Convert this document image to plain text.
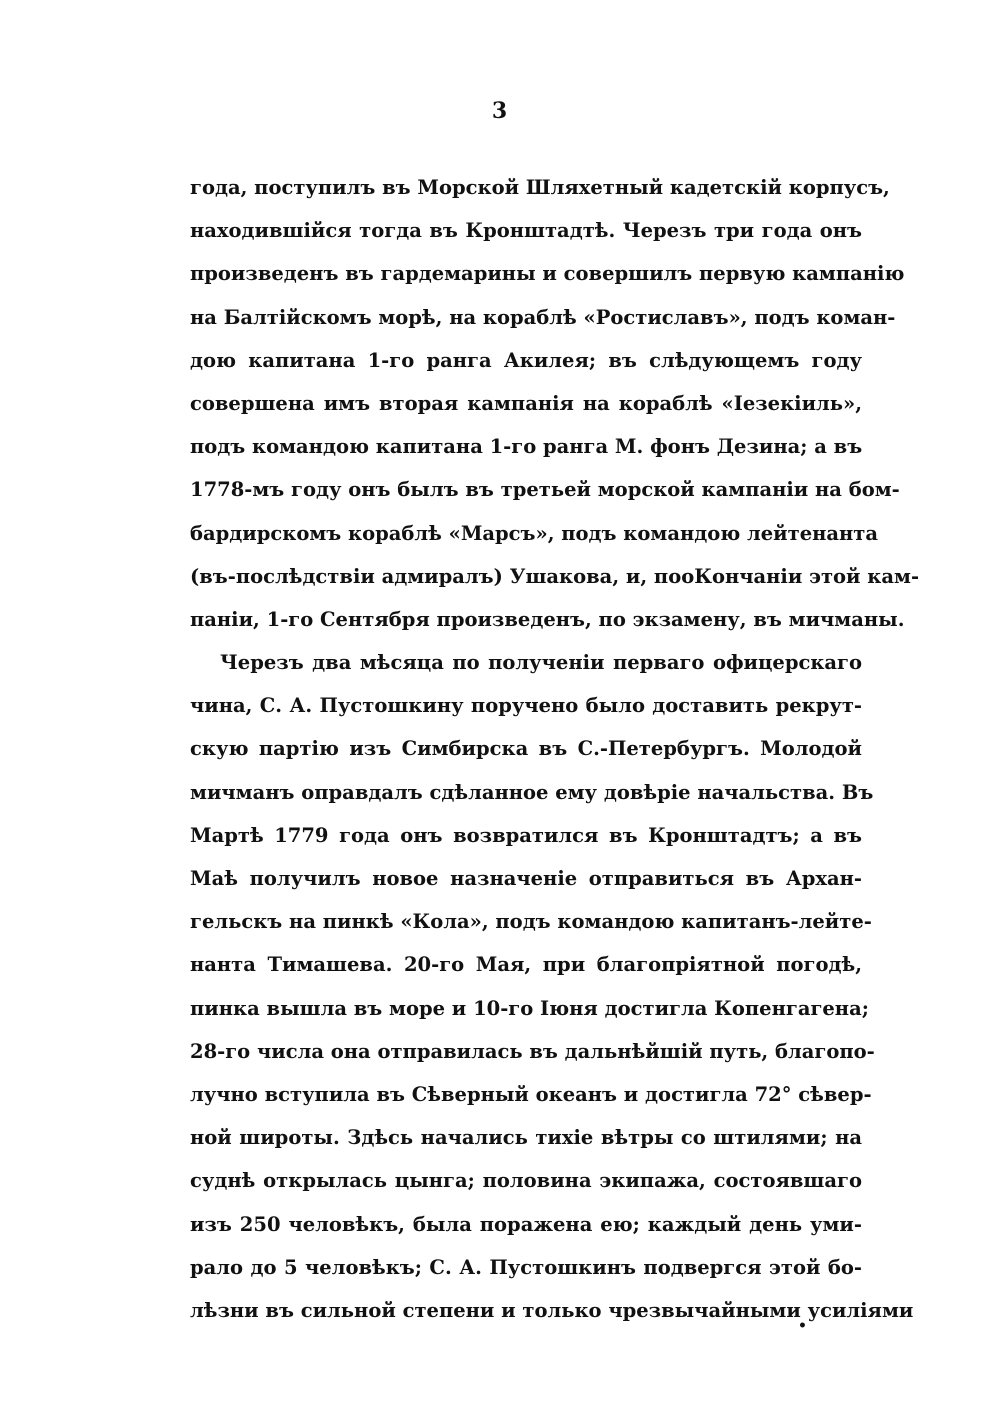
3
года, поступилъ въ Морской Шляхетный кадетскій корпусъ,
находившійся тогда въ Кронштадтѣ. Черезъ три года онъ
произведенъ въ гардемарины и совершилъ первую кампанію
на Балтійскомъ морѣ, на кораблѣ «Ростиславъ», подъ коман-
дою капитана 1-го ранга Акилея; въ слѣдующемъ году
совершена имъ вторая кампанія на кораблѣ «Іезекіиль»,
подъ командою капитана 1-го ранга М. фонъ Дезина; а въ
1778-мъ году онъ былъ въ третьей морской кампаніи на бом-
бардирскомъ кораблѣ «Марсъ», подъ командою лейтенанта
(въ-послѣдствіи адмиралъ) Ушакова, и, пооКончаніи этой кам-
паніи, 1-го Сентября произведенъ, по экзамену, въ мичманы.
Черезъ два мѣсяца по полученіи перваго офицерскаго
чина, С. А. Пустошкину поручено было доставить рекрут-
скую партію изъ Симбирска въ С.-Петербургъ. Молодой
мичманъ оправдалъ сдѣланное ему довѣріе начальства. Въ
Мартѣ 1779 года онъ возвратился въ Кронштадтъ; а въ
Маѣ получилъ новое назначеніе отправиться въ Архан-
гельскъ на пинкѣ «Кола», подъ командою капитанъ-лейте-
нанта Тимашева. 20-го Мая, при благопріятной погодѣ,
пинка вышла въ море и 10-го Іюня достигла Копенгагена;
28-го числа она отправилась въ дальнѣйшій путь, благопо-
лучно вступила въ Сѣверный океанъ и достигла 72° сѣвер-
ной широты. Здѣсь начались тихіе вѣтры со штилями; на
суднѣ открылась цынга; половина экипажа, состоявшаго
изъ 250 человѣкъ, была поражена ею; каждый день уми-
рало до 5 человѣкъ; С. А. Пустошкинъ подвергся этой бо-
лѣзни въ сильной степени и только чрезвычайными усиліями
•
